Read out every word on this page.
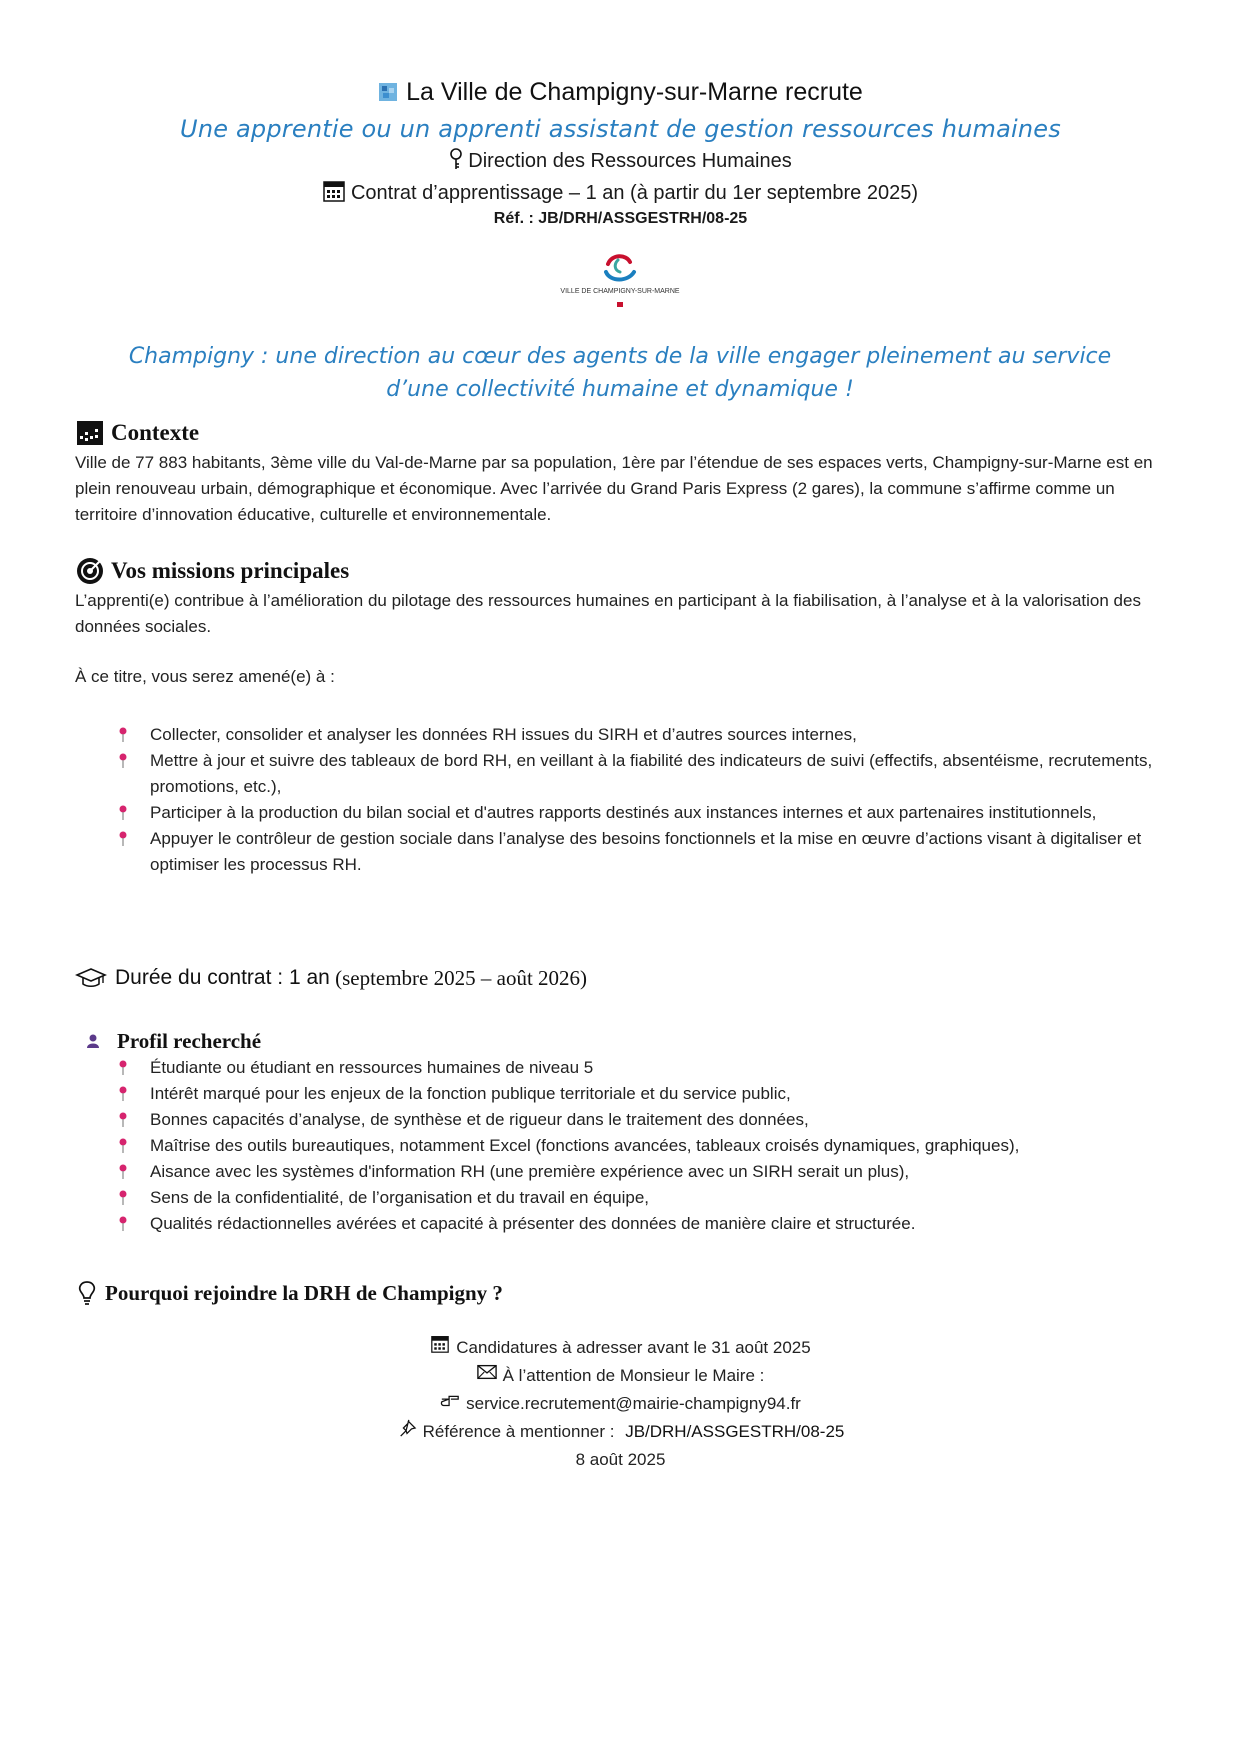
La Ville de Champigny-sur-Marne recrute
Une apprentie ou un apprenti assistant de gestion ressources humaines
Direction des Ressources Humaines
Contrat d’apprentissage – 1 an (à partir du 1er septembre 2025)
Réf. : JB/DRH/ASSGESTRH/08-25
VILLE DE CHAMPIGNY-SUR-MARNE
Champigny : une direction au cœur des agents de la ville engager pleinement au service d’une collectivité humaine et dynamique !
Contexte
Ville de 77 883 habitants, 3ème ville du Val-de-Marne par sa population, 1ère par l’étendue de ses espaces verts, Champigny-sur-Marne est en plein renouveau urbain, démographique et économique. Avec l’arrivée du Grand Paris Express (2 gares), la commune s’affirme comme un territoire d’innovation éducative, culturelle et environnementale.
Vos missions principales
L’apprenti(e) contribue à l’amélioration du pilotage des ressources humaines en participant à la fiabilisation, à l’analyse et à la valorisation des données sociales.
À ce titre, vous serez amené(e) à :
Collecter, consolider et analyser les données RH issues du SIRH et d’autres sources internes,
Mettre à jour et suivre des tableaux de bord RH, en veillant à la fiabilité des indicateurs de suivi (effectifs, absentéisme, recrutements, promotions, etc.),
Participer à la production du bilan social et d'autres rapports destinés aux instances internes et aux partenaires institutionnels,
Appuyer le contrôleur de gestion sociale dans l’analyse des besoins fonctionnels et la mise en œuvre d’actions visant à digitaliser et optimiser les processus RH.
Durée du contrat : 1 an (septembre 2025 – août 2026)
Profil recherché
Étudiante ou étudiant en ressources humaines de niveau 5
Intérêt marqué pour les enjeux de la fonction publique territoriale et du service public,
Bonnes capacités d’analyse, de synthèse et de rigueur dans le traitement des données,
Maîtrise des outils bureautiques, notamment Excel (fonctions avancées, tableaux croisés dynamiques, graphiques),
Aisance avec les systèmes d'information RH (une première expérience avec un SIRH serait un plus),
Sens de la confidentialité, de l’organisation et du travail en équipe,
Qualités rédactionnelles avérées et capacité à présenter des données de manière claire et structurée.
Pourquoi rejoindre la DRH de Champigny ?
Candidatures à adresser avant le 31 août 2025
À l’attention de Monsieur le Maire :
service.recrutement@mairie-champigny94.fr
Référence à mentionner : JB/DRH/ASSGESTRH/08-25
8 août 2025
